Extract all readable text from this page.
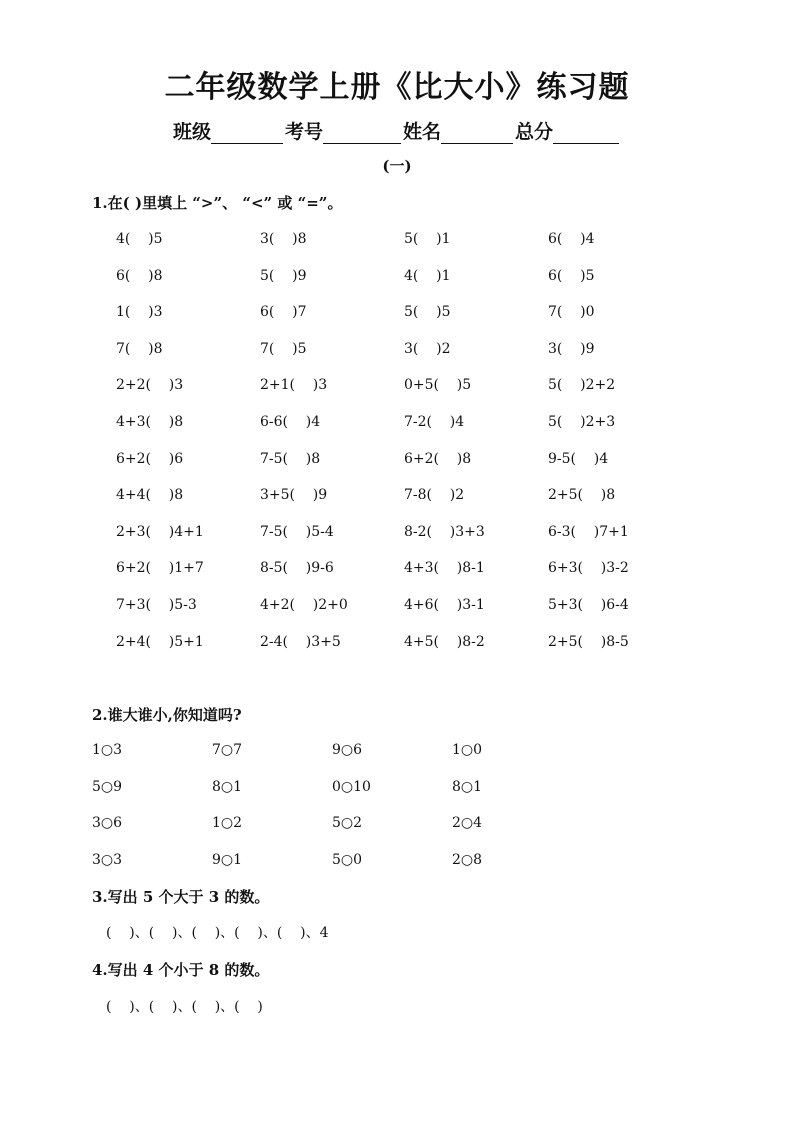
二年级数学上册《比大小》练习题
班级	考号	姓名	总分
(一)
1.在( )里填上 “>”、 “<” 或 “=”。
4(    )5	3(    )8	5(    )1	6(    )4
6(    )8	5(    )9	4(    )1	6(    )5
1(    )3	6(    )7	5(    )5	7(    )0
7(    )8	7(    )5	3(    )2	3(    )9
2+2(    )3	2+1(    )3	0+5(    )5	5(    )2+2
4+3(    )8	6-6(    )4	7-2(    )4	5(    )2+3
6+2(    )6	7-5(    )8	6+2(    )8	9-5(    )4
4+4(    )8	3+5(    )9	7-8(    )2	2+5(    )8
2+3(    )4+1	7-5(    )5-4	8-2(    )3+3	6-3(    )7+1
6+2(    )1+7	8-5(    )9-6	4+3(    )8-1	6+3(    )3-2
7+3(    )5-3	4+2(    )2+0	4+6(    )3-1	5+3(    )6-4
2+4(    )5+1	2-4(    )3+5	4+5(    )8-2	2+5(    )8-5
2.谁大谁小,你知道吗?
1○3	7○7	9○6	1○0
5○9	8○1	0○10	8○1
3○6	1○2	5○2	2○4
3○3	9○1	5○0	2○8
3.写出 5 个大于 3 的数。
(    )、(    )、(    )、(    )、(    )、4
4.写出 4 个小于 8 的数。
(    )、(    )、(    )、(    )
